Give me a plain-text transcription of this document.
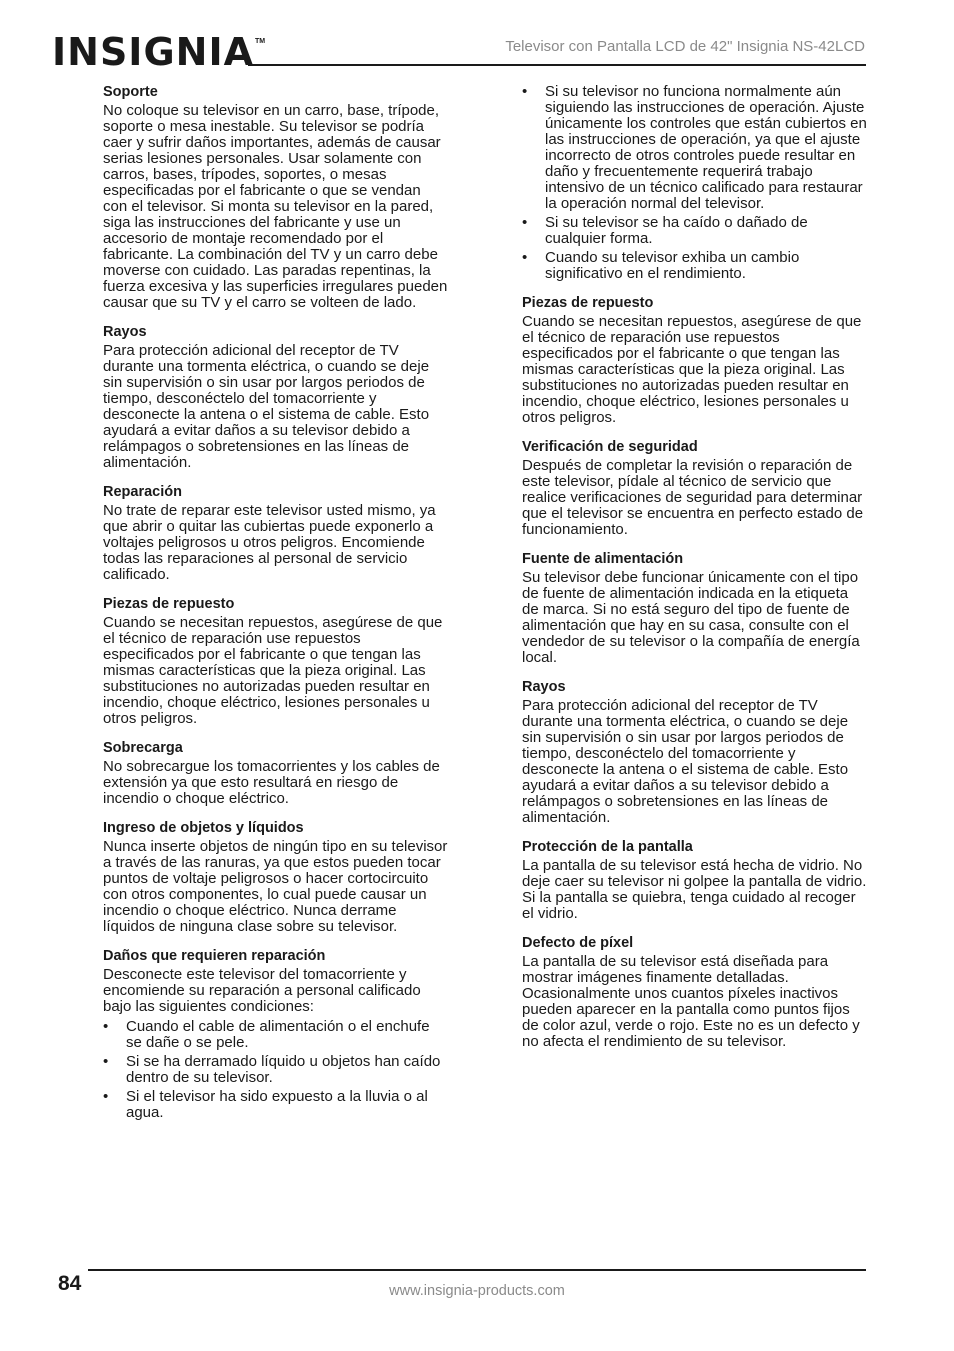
INSIGNIA TM	Televisor con Pantalla LCD de 42" Insignia NS-42LCD
Soporte

No coloque su televisor en un carro, base, trípode, soporte o mesa inestable. Su televisor se podría caer y sufrir daños importantes, además de causar serias lesiones personales. Usar solamente con carros, bases, trípodes, soportes, o mesas especificadas por el fabricante o que se vendan con el televisor. Si monta su televisor en la pared, siga las instrucciones del fabricante y use un accesorio de montaje recomendado por el fabricante. La combinación del TV y un carro debe moverse con cuidado. Las paradas repentinas, la fuerza excesiva y las superficies irregulares pueden causar que su TV y el carro se volteen de lado.

Rayos

Para protección adicional del receptor de TV durante una tormenta eléctrica, o cuando se deje sin supervisión o sin usar por largos periodos de tiempo, desconéctelo del tomacorriente y desconecte la antena o el sistema de cable. Esto ayudará a evitar daños a su televisor debido a relámpagos o sobretensiones en las líneas de alimentación.

Reparación

No trate de reparar este televisor usted mismo, ya que abrir o quitar las cubiertas puede exponerlo a voltajes peligrosos u otros peligros. Encomiende todas las reparaciones al personal de servicio calificado.

Piezas de repuesto

Cuando se necesitan repuestos, asegúrese de que el técnico de reparación use repuestos especificados por el fabricante o que tengan las mismas características que la pieza original. Las substituciones no autorizadas pueden resultar en incendio, choque eléctrico, lesiones personales u otros peligros.

Sobrecarga

No sobrecargue los tomacorrientes y los cables de extensión ya que esto resultará en riesgo de incendio o choque eléctrico.

Ingreso de objetos y líquidos

Nunca inserte objetos de ningún tipo en su televisor a través de las ranuras, ya que estos pueden tocar puntos de voltaje peligrosos o hacer cortocircuito con otros componentes, lo cual puede causar un incendio o choque eléctrico. Nunca derrame líquidos de ninguna clase sobre su televisor.

Daños que requieren reparación

Desconecte este televisor del tomacorriente y encomiende su reparación a personal calificado bajo las siguientes condiciones:

• Cuando el cable de alimentación o el enchufe se dañe o se pele.
• Si se ha derramado líquido u objetos han caído dentro de su televisor.
• Si el televisor ha sido expuesto a la lluvia o al agua.
• Si su televisor no funciona normalmente aún siguiendo las instrucciones de operación. Ajuste únicamente los controles que están cubiertos en las instrucciones de operación, ya que el ajuste incorrecto de otros controles puede resultar en daño y frecuentemente requerirá trabajo intensivo de un técnico calificado para restaurar la operación normal del televisor.
• Si su televisor se ha caído o dañado de cualquier forma.
• Cuando su televisor exhiba un cambio significativo en el rendimiento.
Piezas de repuesto

Cuando se necesitan repuestos, asegúrese de que el técnico de reparación use repuestos especificados por el fabricante o que tengan las mismas características que la pieza original. Las substituciones no autorizadas pueden resultar en incendio, choque eléctrico, lesiones personales u otros peligros.

Verificación de seguridad

Después de completar la revisión o reparación de este televisor, pídale al técnico de servicio que realice verificaciones de seguridad para determinar que el televisor se encuentra en perfecto estado de funcionamiento.

Fuente de alimentación

Su televisor debe funcionar únicamente con el tipo de fuente de alimentación indicada en la etiqueta de marca. Si no está seguro del tipo de fuente de alimentación que hay en su casa, consulte con el vendedor de su televisor o la compañía de energía local.

Rayos

Para protección adicional del receptor de TV durante una tormenta eléctrica, o cuando se deje sin supervisión o sin usar por largos periodos de tiempo, desconéctelo del tomacorriente y desconecte la antena o el sistema de cable. Esto ayudará a evitar daños a su televisor debido a relámpagos o sobretensiones en las líneas de alimentación.

Protección de la pantalla

La pantalla de su televisor está hecha de vidrio. No deje caer su televisor ni golpee la pantalla de vidrio. Si la pantalla se quiebra, tenga cuidado al recoger el vidrio.

Defecto de píxel

La pantalla de su televisor está diseñada para mostrar imágenes finamente detalladas. Ocasionalmente unos cuantos píxeles inactivos pueden aparecer en la pantalla como puntos fijos de color azul, verde o rojo. Este no es un defecto y no afecta el rendimiento de su televisor.

84	www.insignia-products.com
